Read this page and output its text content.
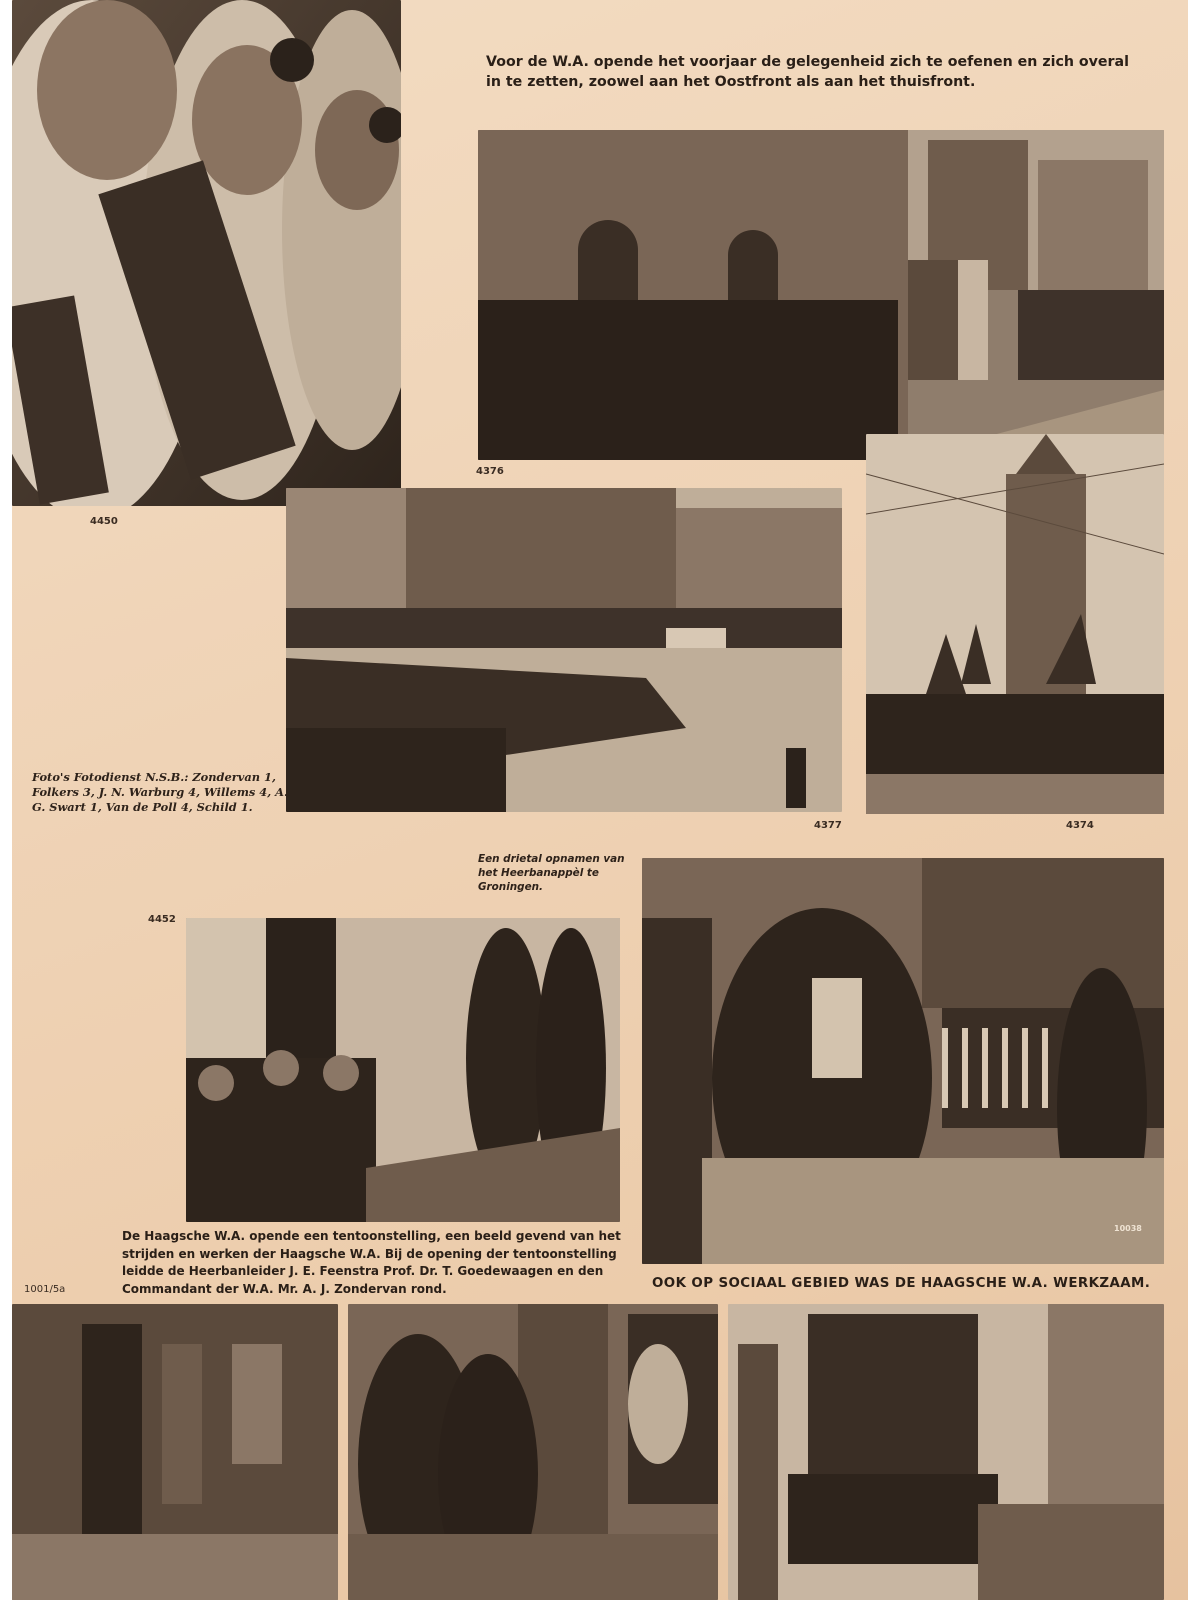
4450
Voor de W.A. opende het voorjaar de gelegenheid zich te oefenen en zich overal in te zetten, zoowel aan het Oostfront als aan het thuisfront.
4376
4377	4374
Foto's Fotodienst N.S.B.: Zondervan 1, Folkers 3, J. N. Warburg 4, Willems 4, A. G. Swart 1, Van de Poll 4, Schild 1.
Een drietal opnamen van het Heerbanappèl te Groningen.
4452
De Haagsche W.A. opende een tentoonstelling, een beeld gevend van het strijden en werken der Haagsche W.A. Bij de opening der tentoonstelling leidde de Heerbanleider J. E. Feenstra Prof. Dr. T. Goedewaagen en den Commandant der W.A. Mr. A. J. Zondervan rond.
10038
OOK OP SOCIAAL GEBIED WAS DE HAAGSCHE W.A. WERKZAAM.
1001/5a
